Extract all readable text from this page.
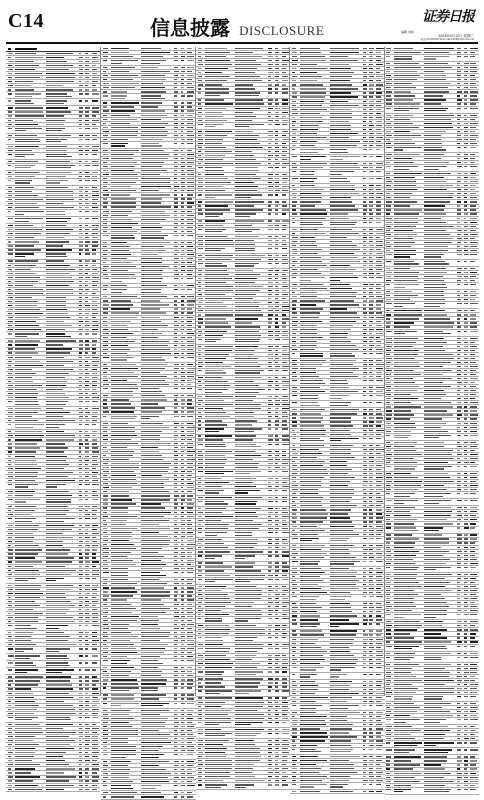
C14	信息披露 DISCLOSURE
证券日报
编辑 刘伟
2023年4月12日 星期三
电话:010-83251716 E-mail:zqrb9@zqrb.sina.net
